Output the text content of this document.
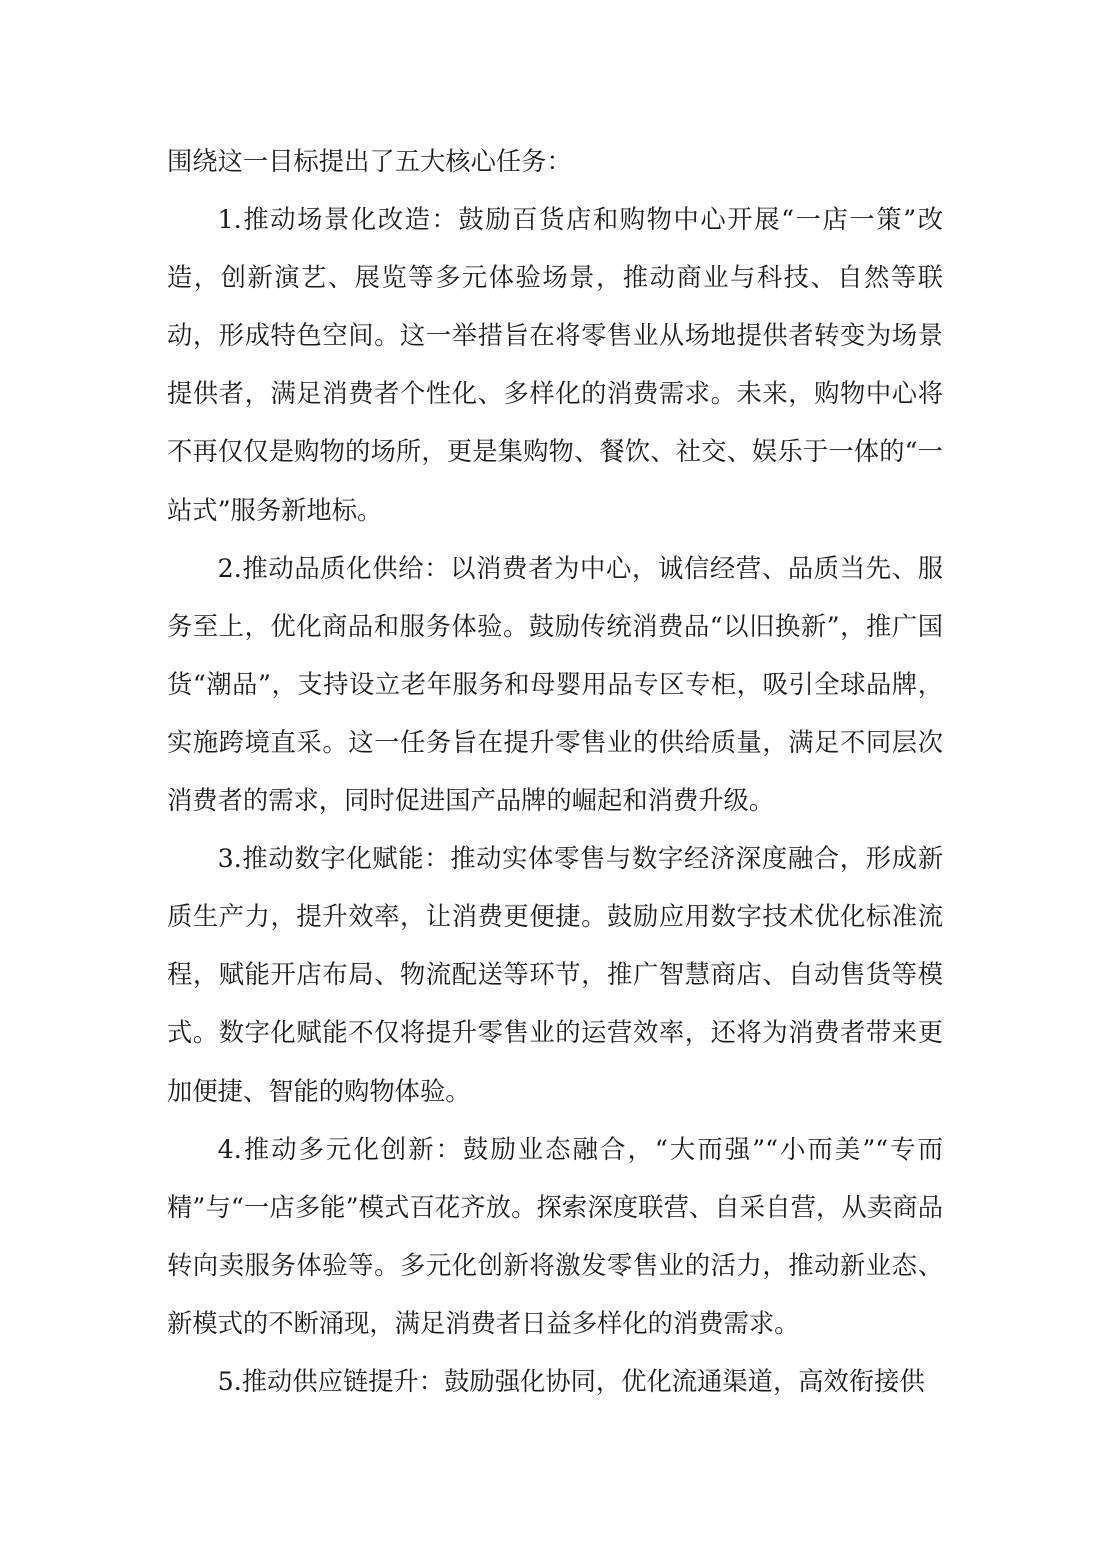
围绕这一目标提出了五大核心任务：

1.推动场景化改造：鼓励百货店和购物中心开展“一店一策”改造，创新演艺、展览等多元体验场景，推动商业与科技、自然等联动，形成特色空间。这一举措旨在将零售业从场地提供者转变为场景提供者，满足消费者个性化、多样化的消费需求。未来，购物中心将不再仅仅是购物的场所，更是集购物、餐饮、社交、娱乐于一体的“一站式”服务新地标。

2.推动品质化供给：以消费者为中心，诚信经营、品质当先、服务至上，优化商品和服务体验。鼓励传统消费品“以旧换新”，推广国货“潮品”，支持设立老年服务和母婴用品专区专柜，吸引全球品牌，实施跨境直采。这一任务旨在提升零售业的供给质量，满足不同层次消费者的需求，同时促进国产品牌的崛起和消费升级。

3.推动数字化赋能：推动实体零售与数字经济深度融合，形成新质生产力，提升效率，让消费更便捷。鼓励应用数字技术优化标准流程，赋能开店布局、物流配送等环节，推广智慧商店、自动售货等模式。数字化赋能不仅将提升零售业的运营效率，还将为消费者带来更加便捷、智能的购物体验。

4.推动多元化创新：鼓励业态融合，“大而强”“小而美”“专而精”与“一店多能”模式百花齐放。探索深度联营、自采自营，从卖商品转向卖服务体验等。多元化创新将激发零售业的活力，推动新业态、新模式的不断涌现，满足消费者日益多样化的消费需求。

5.推动供应链提升：鼓励强化协同，优化流通渠道，高效衔接供
